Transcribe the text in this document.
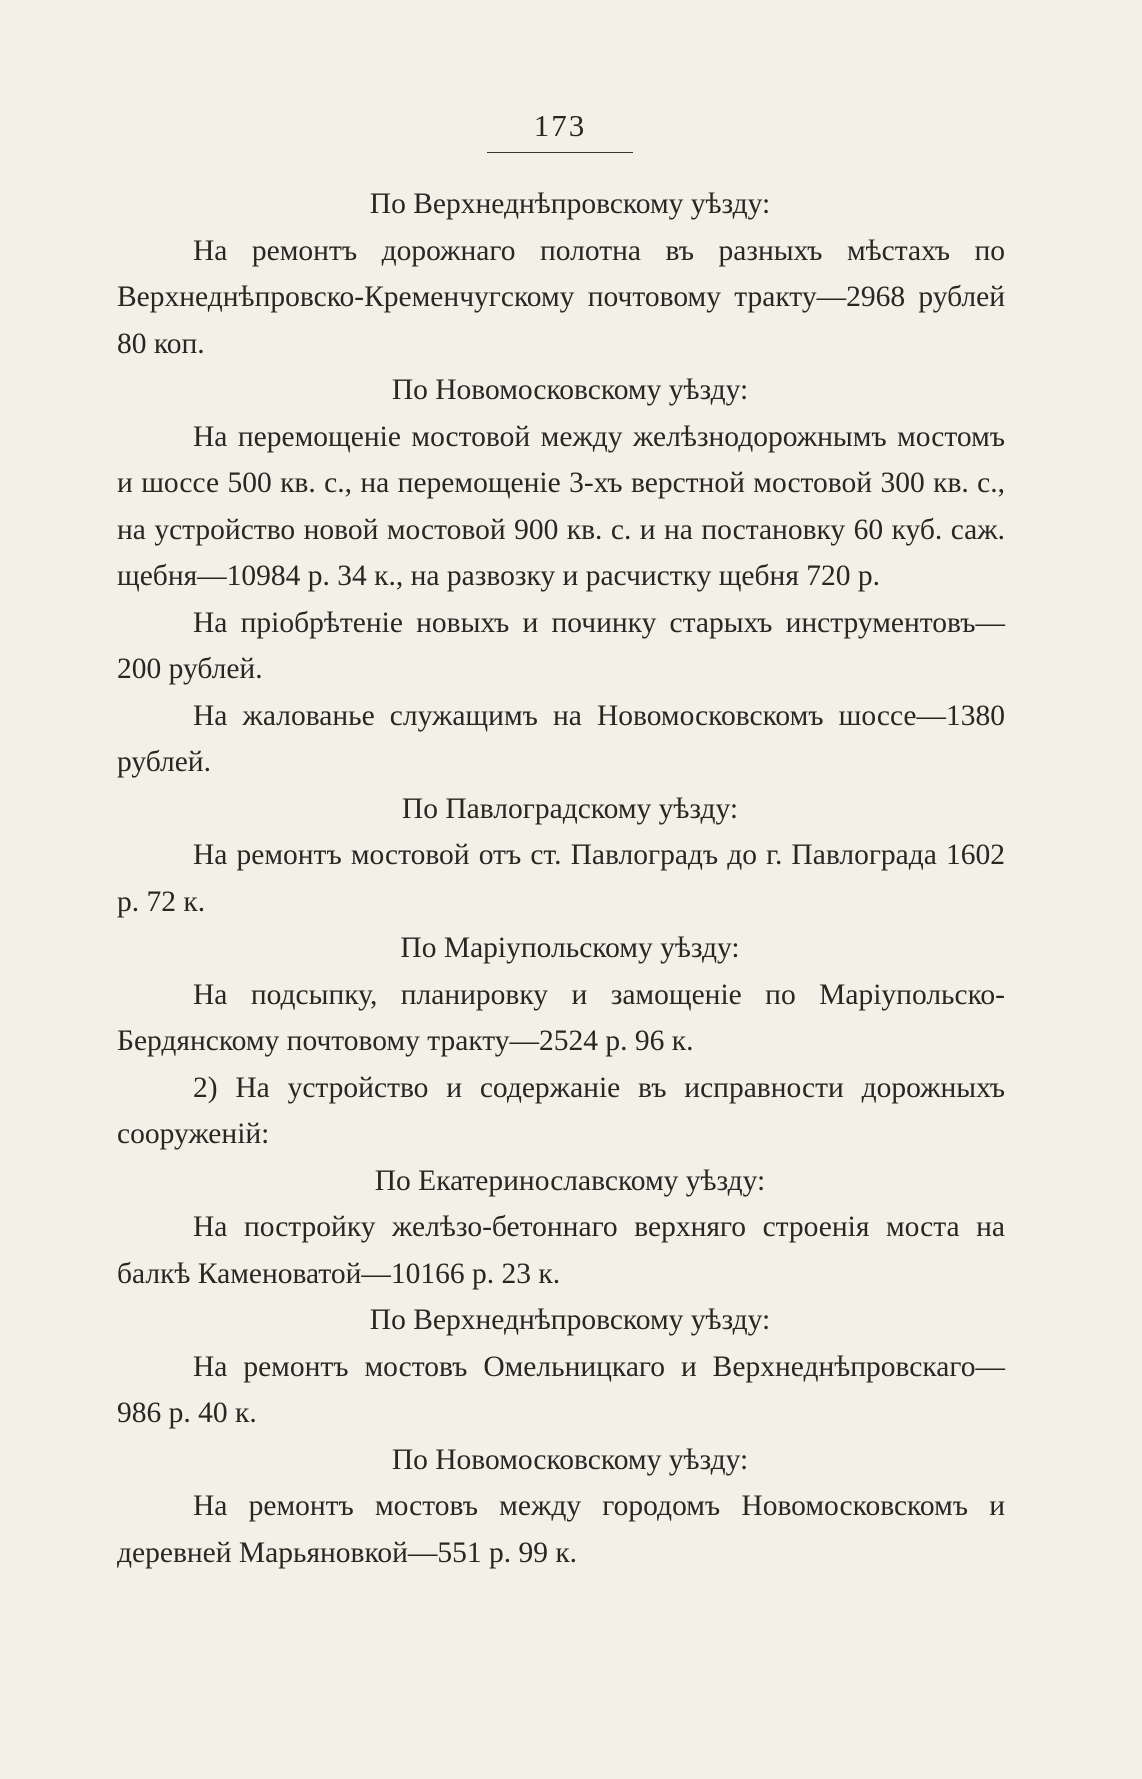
173

По Верхнеднѣпровскому уѣзду:

На ремонтъ дорожнаго полотна въ разныхъ мѣстахъ по Верхнеднѣпровско-Кременчугскому почтовому тракту—2968 рублей 80 коп.

По Новомосковскому уѣзду:

На перемощеніе мостовой между желѣзнодорожнымъ мостомъ и шоссе 500 кв. с., на перемощеніе 3-хъ верстной мостовой 300 кв. с., на устройство новой мостовой 900 кв. с. и на постановку 60 куб. саж. щебня—10984 р. 34 к., на развозку и расчистку щебня 720 р.

На пріобрѣтеніе новыхъ и починку старыхъ инструментовъ—200 рублей.

На жалованье служащимъ на Новомосковскомъ шоссе—1380 рублей.

По Павлоградскому уѣзду:

На ремонтъ мостовой отъ ст. Павлоградъ до г. Павлограда 1602 р. 72 к.

По Маріупольскому уѣзду:

На подсыпку, планировку и замощеніе по Маріупольско-Бердянскому почтовому тракту—2524 р. 96 к.

2) На устройство и содержаніе въ исправности дорожныхъ сооруженій:

По Екатеринославскому уѣзду:

На постройку желѣзо-бетоннаго верхняго строенія моста на балкѣ Каменоватой—10166 р. 23 к.

По Верхнеднѣпровскому уѣзду:

На ремонтъ мостовъ Омельницкаго и Верхнеднѣпровскаго—986 р. 40 к.

По Новомосковскому уѣзду:

На ремонтъ мостовъ между городомъ Новомосковскомъ и деревней Марьяновкой—551 р. 99 к.
